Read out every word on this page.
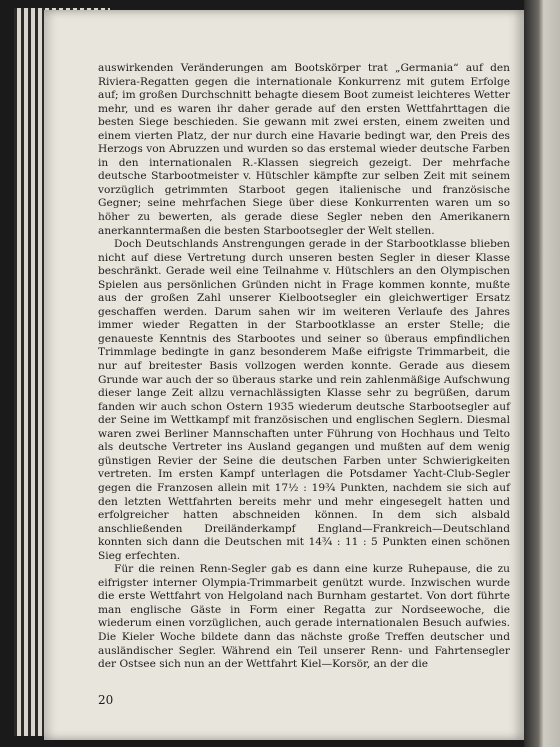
auswirkenden Veränderungen am Bootskörper trat „Germania“ auf den Riviera-Regatten gegen die internationale Konkurrenz mit gutem Erfolge auf; im großen Durchschnitt behagte diesem Boot zumeist leichteres Wetter mehr, und es waren ihr daher gerade auf den ersten Wettfahrttagen die besten Siege beschieden. Sie gewann mit zwei ersten, einem zweiten und einem vierten Platz, der nur durch eine Havarie bedingt war, den Preis des Herzogs von Abruzzen und wurden so das erstemal wieder deutsche Farben in den internationalen R.-Klassen siegreich gezeigt. Der mehrfache deutsche Starbootmeister v. Hütschler kämpfte zur selben Zeit mit seinem vorzüglich getrimmten Starboot gegen italienische und französische Gegner; seine mehrfachen Siege über diese Konkurrenten waren um so höher zu bewerten, als gerade diese Segler neben den Amerikanern anerkanntermaßen die besten Starbootsegler der Welt stellen.

Doch Deutschlands Anstrengungen gerade in der Starbootklasse blieben nicht auf diese Vertretung durch unseren besten Segler in dieser Klasse beschränkt. Gerade weil eine Teilnahme v. Hütschlers an den Olympischen Spielen aus persönlichen Gründen nicht in Frage kommen konnte, mußte aus der großen Zahl unserer Kielbootsegler ein gleichwertiger Ersatz geschaffen werden. Darum sahen wir im weiteren Verlaufe des Jahres immer wieder Regatten in der Starbootklasse an erster Stelle; die genaueste Kenntnis des Starbootes und seiner so überaus empfindlichen Trimmlage bedingte in ganz besonderem Maße eifrigste Trimmarbeit, die nur auf breitester Basis vollzogen werden konnte. Gerade aus diesem Grunde war auch der so überaus starke und rein zahlenmäßige Aufschwung dieser lange Zeit allzu vernachlässigten Klasse sehr zu begrüßen, darum fanden wir auch schon Ostern 1935 wiederum deutsche Starbootsegler auf der Seine im Wettkampf mit französischen und englischen Seglern. Diesmal waren zwei Berliner Mannschaften unter Führung von Hochhaus und Telto als deutsche Vertreter ins Ausland gegangen und mußten auf dem wenig günstigen Revier der Seine die deutschen Farben unter Schwierigkeiten vertreten. Im ersten Kampf unterlagen die Potsdamer Yacht-Club-Segler gegen die Franzosen allein mit 17½ : 19¾ Punkten, nachdem sie sich auf den letzten Wettfahrten bereits mehr und mehr eingesegelt hatten und erfolgreicher hatten abschneiden können. In dem sich alsbald anschließenden Dreiländerkampf England—Frankreich—Deutschland konnten sich dann die Deutschen mit 14¾ : 11 : 5 Punkten einen schönen Sieg erfechten.

Für die reinen Renn-Segler gab es dann eine kurze Ruhepause, die zu eifrigster interner Olympia-Trimmarbeit genützt wurde. Inzwischen wurde die erste Wettfahrt von Helgoland nach Burnham gestartet. Von dort führte man englische Gäste in Form einer Regatta zur Nordseewoche, die wiederum einen vorzüglichen, auch gerade internationalen Besuch aufwies. Die Kieler Woche bildete dann das nächste große Treffen deutscher und ausländischer Segler. Während ein Teil unserer Renn- und Fahrtensegler der Ostsee sich nun an der Wettfahrt Kiel—Korsör, an der die

20
